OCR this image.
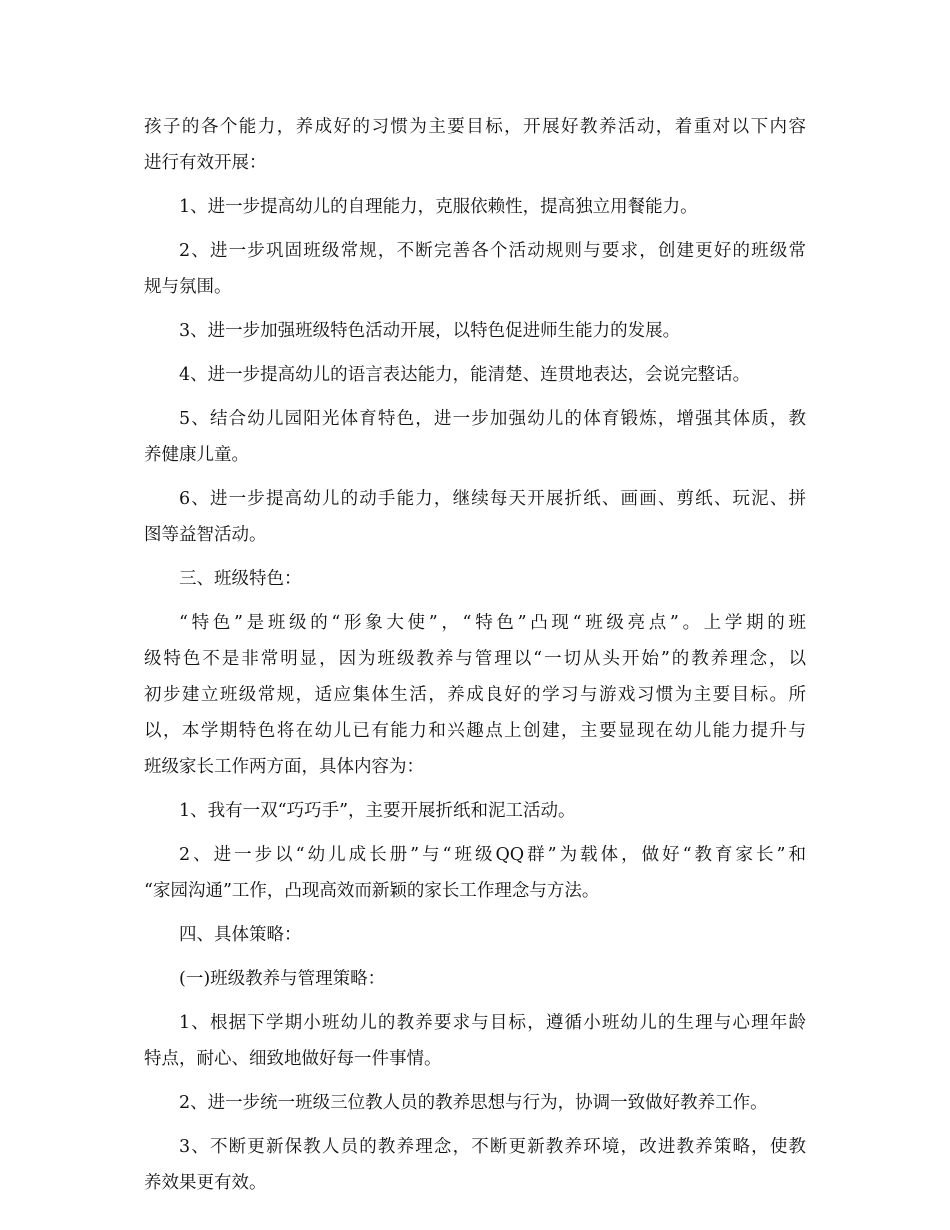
孩子的各个能力，养成好的习惯为主要目标，开展好教养活动，着重对以下内容
进行有效开展：
1、进一步提高幼儿的自理能力，克服依赖性，提高独立用餐能力。
2、进一步巩固班级常规，不断完善各个活动规则与要求，创建更好的班级常
规与氛围。
3、进一步加强班级特色活动开展，以特色促进师生能力的发展。
4、进一步提高幼儿的语言表达能力，能清楚、连贯地表达，会说完整话。
5、结合幼儿园阳光体育特色，进一步加强幼儿的体育锻炼，增强其体质，教
养健康儿童。
6、进一步提高幼儿的动手能力，继续每天开展折纸、画画、剪纸、玩泥、拼
图等益智活动。
三、班级特色：
“特色”是班级的“形象大使”，“特色”凸现“班级亮点”。上学期的班
级特色不是非常明显，因为班级教养与管理以“一切从头开始”的教养理念，以
初步建立班级常规，适应集体生活，养成良好的学习与游戏习惯为主要目标。所
以，本学期特色将在幼儿已有能力和兴趣点上创建，主要显现在幼儿能力提升与
班级家长工作两方面，具体内容为：
1、我有一双“巧巧手”，主要开展折纸和泥工活动。
2、进一步以“幼儿成长册”与“班级QQ群”为载体，做好“教育家长”和
“家园沟通”工作，凸现高效而新颖的家长工作理念与方法。
四、具体策略：
(一)班级教养与管理策略：
1、根据下学期小班幼儿的教养要求与目标，遵循小班幼儿的生理与心理年龄
特点，耐心、细致地做好每一件事情。
2、进一步统一班级三位教人员的教养思想与行为，协调一致做好教养工作。
3、不断更新保教人员的教养理念，不断更新教养环境，改进教养策略，使教
养效果更有效。
